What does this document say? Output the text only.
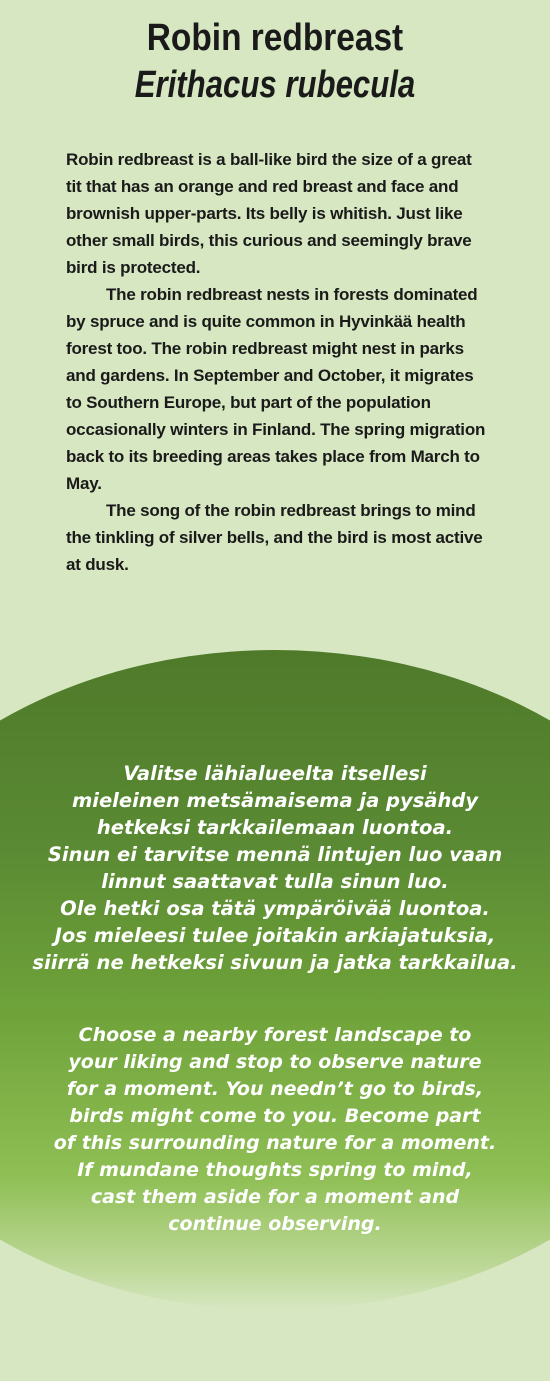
Robin redbreast
Erithacus rubecula

Robin redbreast is a ball-like bird the size of a great tit that has an orange and red breast and face and brownish upper-parts. Its belly is whitish. Just like other small birds, this curious and seemingly brave bird is protected.

The robin redbreast nests in forests dominated by spruce and is quite common in Hyvinkää health forest too. The robin redbreast might nest in parks and gardens. In September and October, it migrates to Southern Europe, but part of the population occasionally winters in Finland. The spring migration back to its breeding areas takes place from March to May.

The song of the robin redbreast brings to mind the tinkling of silver bells, and the bird is most active at dusk.

Valitse lähialueelta itsellesi

mieleinen metsämaisema ja pysähdy

hetkeksi tarkkailemaan luontoa.

Sinun ei tarvitse mennä lintujen luo vaan

linnut saattavat tulla sinun luo.

Ole hetki osa tätä ympäröivää luontoa.

Jos mieleesi tulee joitakin arkiajatuksia,

siirrä ne hetkeksi sivuun ja jatka tarkkailua.

Choose a nearby forest landscape to

your liking and stop to observe nature

for a moment. You needn’t go to birds,

birds might come to you. Become part

of this surrounding nature for a moment.

If mundane thoughts spring to mind,

cast them aside for a moment and

continue observing.
